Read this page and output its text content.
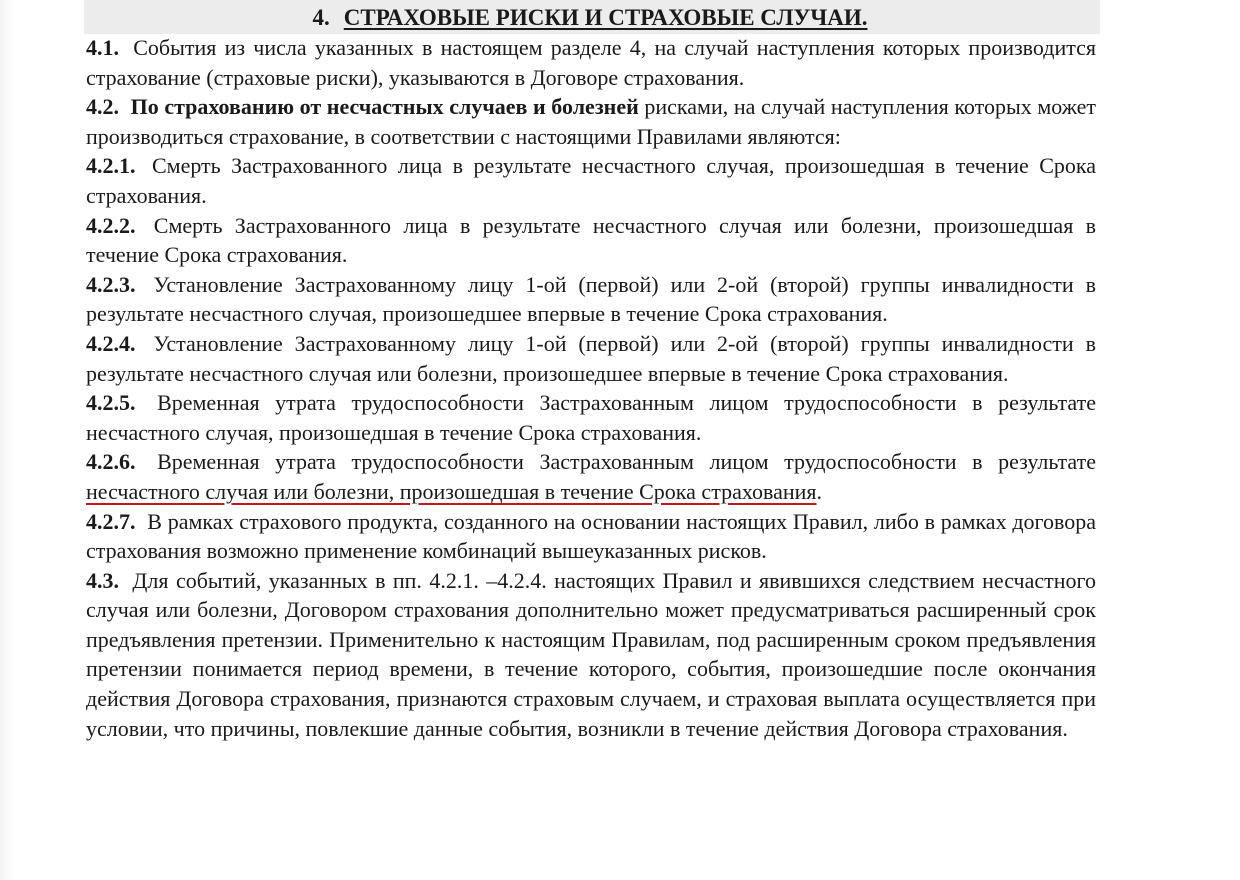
4. СТРАХОВЫЕ РИСКИ И СТРАХОВЫЕ СЛУЧАИ.

4.1. События из числа указанных в настоящем разделе 4, на случай наступления которых производится страхование (страховые риски), указываются в Договоре страхования.

4.2. По страхованию от несчастных случаев и болезней рисками, на случай наступления которых может производиться страхование, в соответствии с настоящими Правилами являются:

4.2.1. Смерть Застрахованного лица в результате несчастного случая, произошедшая в течение Срока страхования.

4.2.2. Смерть Застрахованного лица в результате несчастного случая или болезни, произошедшая в течение Срока страхования.

4.2.3. Установление Застрахованному лицу 1-ой (первой) или 2-ой (второй) группы инвалидности в результате несчастного случая, произошедшее впервые в течение Срока страхования.

4.2.4. Установление Застрахованному лицу 1-ой (первой) или 2-ой (второй) группы инвалидности в результате несчастного случая или болезни, произошедшее впервые в течение Срока страхования.

4.2.5. Временная утрата трудоспособности Застрахованным лицом трудоспособности в результате несчастного случая, произошедшая в течение Срока страхования.

4.2.6. Временная утрата трудоспособности Застрахованным лицом трудоспособности в результате несчастного случая или болезни, произошедшая в течение Срока страхования.

4.2.7. В рамках страхового продукта, созданного на основании настоящих Правил, либо в рамках договора страхования возможно применение комбинаций вышеуказанных рисков.

4.3. Для событий, указанных в пп. 4.2.1. –4.2.4. настоящих Правил и явившихся следствием несчастного случая или болезни, Договором страхования дополнительно может предусматриваться расширенный срок предъявления претензии. Применительно к настоящим Правилам, под расширенным сроком предъявления претензии понимается период времени, в течение которого, события, произошедшие после окончания действия Договора страхования, признаются страховым случаем, и страховая выплата осуществляется при условии, что причины, повлекшие данные события, возникли в течение действия Договора страхования.
